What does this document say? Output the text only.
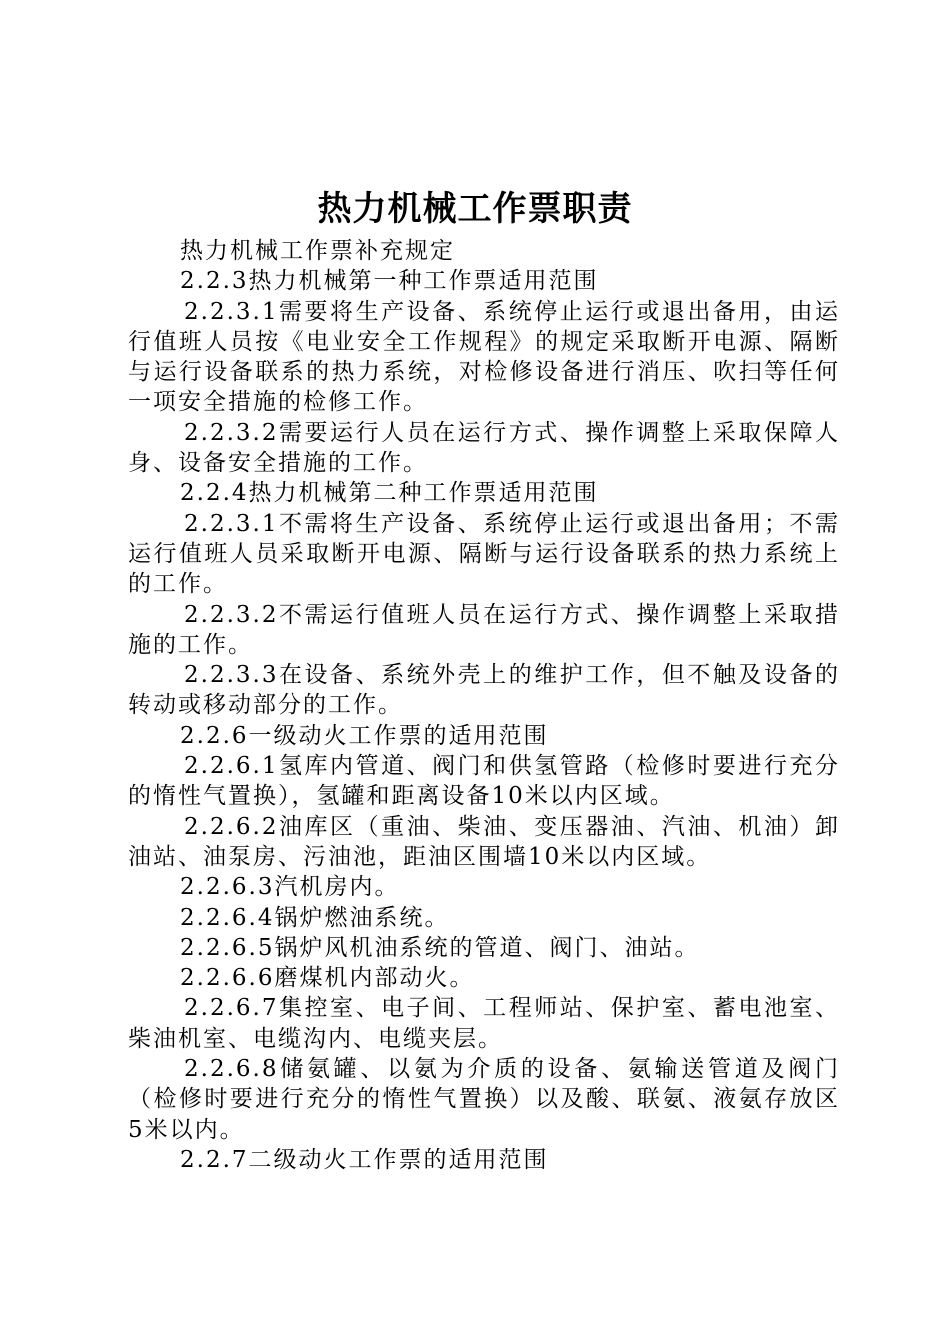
热力机械工作票职责

热力机械工作票补充规定

2.2.3热力机械第一种工作票适用范围

2.2.3.1需要将生产设备、系统停止运行或退出备用，由运行值班人员按《电业安全工作规程》的规定采取断开电源、隔断与运行设备联系的热力系统，对检修设备进行消压、吹扫等任何一项安全措施的检修工作。

2.2.3.2需要运行人员在运行方式、操作调整上采取保障人身、设备安全措施的工作。

2.2.4热力机械第二种工作票适用范围

2.2.3.1不需将生产设备、系统停止运行或退出备用；不需运行值班人员采取断开电源、隔断与运行设备联系的热力系统上的工作。

2.2.3.2不需运行值班人员在运行方式、操作调整上采取措施的工作。

2.2.3.3在设备、系统外壳上的维护工作，但不触及设备的转动或移动部分的工作。

2.2.6一级动火工作票的适用范围

2.2.6.1氢库内管道、阀门和供氢管路（检修时要进行充分的惰性气置换），氢罐和距离设备10米以内区域。

2.2.6.2油库区（重油、柴油、变压器油、汽油、机油）卸油站、油泵房、污油池，距油区围墙10米以内区域。

2.2.6.3汽机房内。

2.2.6.4锅炉燃油系统。

2.2.6.5锅炉风机油系统的管道、阀门、油站。

2.2.6.6磨煤机内部动火。

2.2.6.7集控室、电子间、工程师站、保护室、蓄电池室、柴油机室、电缆沟内、电缆夹层。

2.2.6.8储氨罐、以氨为介质的设备、氨输送管道及阀门（检修时要进行充分的惰性气置换）以及酸、联氨、液氨存放区5米以内。

2.2.7二级动火工作票的适用范围
